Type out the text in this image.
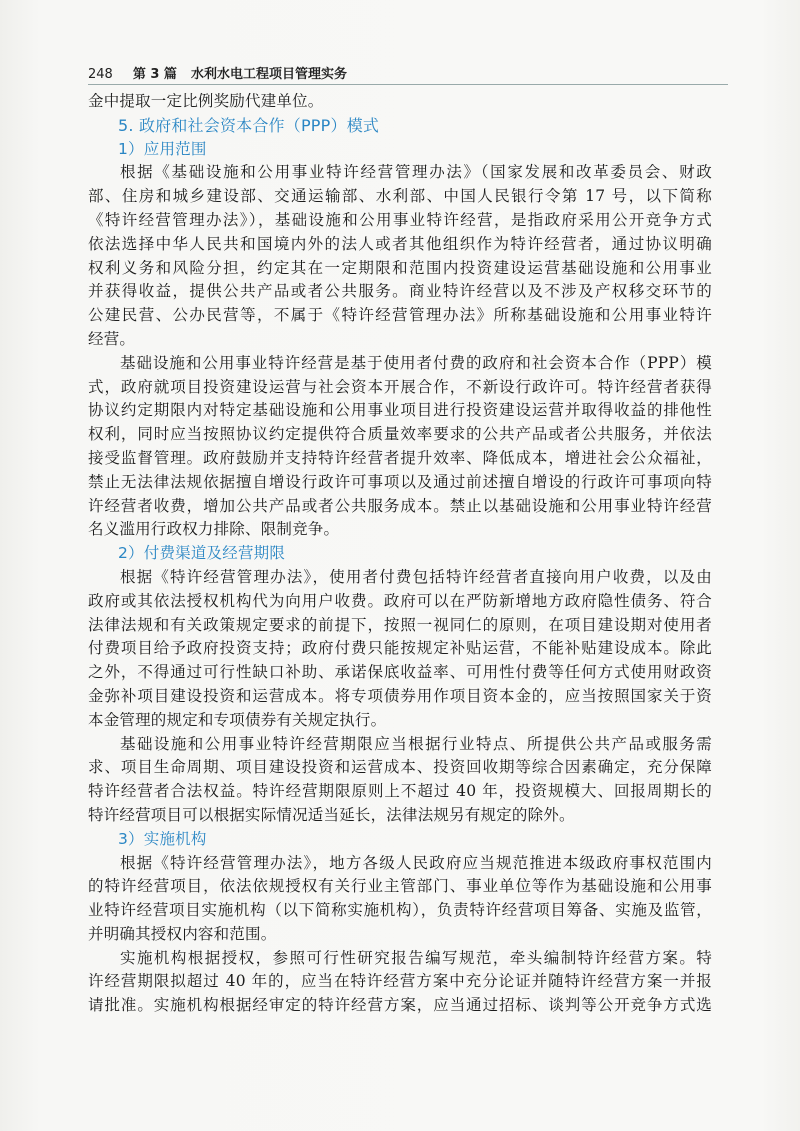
248 第 3 篇 水利水电工程项目管理实务
金中提取一定比例奖励代建单位。
5. 政府和社会资本合作（PPP）模式
1）应用范围
根据《基础设施和公用事业特许经营管理办法》（国家发展和改革委员会、财政
部、住房和城乡建设部、交通运输部、水利部、中国人民银行令第 17 号，以下简称
《特许经营管理办法》），基础设施和公用事业特许经营，是指政府采用公开竞争方式
依法选择中华人民共和国境内外的法人或者其他组织作为特许经营者，通过协议明确
权利义务和风险分担，约定其在一定期限和范围内投资建设运营基础设施和公用事业
并获得收益，提供公共产品或者公共服务。商业特许经营以及不涉及产权移交环节的
公建民营、公办民营等，不属于《特许经营管理办法》所称基础设施和公用事业特许
经营。
基础设施和公用事业特许经营是基于使用者付费的政府和社会资本合作（PPP）模
式，政府就项目投资建设运营与社会资本开展合作，不新设行政许可。特许经营者获得
协议约定期限内对特定基础设施和公用事业项目进行投资建设运营并取得收益的排他性
权利，同时应当按照协议约定提供符合质量效率要求的公共产品或者公共服务，并依法
接受监督管理。政府鼓励并支持特许经营者提升效率、降低成本，增进社会公众福祉，
禁止无法律法规依据擅自增设行政许可事项以及通过前述擅自增设的行政许可事项向特
许经营者收费，增加公共产品或者公共服务成本。禁止以基础设施和公用事业特许经营
名义滥用行政权力排除、限制竞争。
2）付费渠道及经营期限
根据《特许经营管理办法》，使用者付费包括特许经营者直接向用户收费，以及由
政府或其依法授权机构代为向用户收费。政府可以在严防新增地方政府隐性债务、符合
法律法规和有关政策规定要求的前提下，按照一视同仁的原则，在项目建设期对使用者
付费项目给予政府投资支持；政府付费只能按规定补贴运营，不能补贴建设成本。除此
之外，不得通过可行性缺口补助、承诺保底收益率、可用性付费等任何方式使用财政资
金弥补项目建设投资和运营成本。将专项债券用作项目资本金的，应当按照国家关于资
本金管理的规定和专项债券有关规定执行。
基础设施和公用事业特许经营期限应当根据行业特点、所提供公共产品或服务需
求、项目生命周期、项目建设投资和运营成本、投资回收期等综合因素确定，充分保障
特许经营者合法权益。特许经营期限原则上不超过 40 年，投资规模大、回报周期长的
特许经营项目可以根据实际情况适当延长，法律法规另有规定的除外。
3）实施机构
根据《特许经营管理办法》，地方各级人民政府应当规范推进本级政府事权范围内
的特许经营项目，依法依规授权有关行业主管部门、事业单位等作为基础设施和公用事
业特许经营项目实施机构（以下简称实施机构），负责特许经营项目筹备、实施及监管，
并明确其授权内容和范围。
实施机构根据授权，参照可行性研究报告编写规范，牵头编制特许经营方案。特
许经营期限拟超过 40 年的，应当在特许经营方案中充分论证并随特许经营方案一并报
请批准。实施机构根据经审定的特许经营方案，应当通过招标、谈判等公开竞争方式选
